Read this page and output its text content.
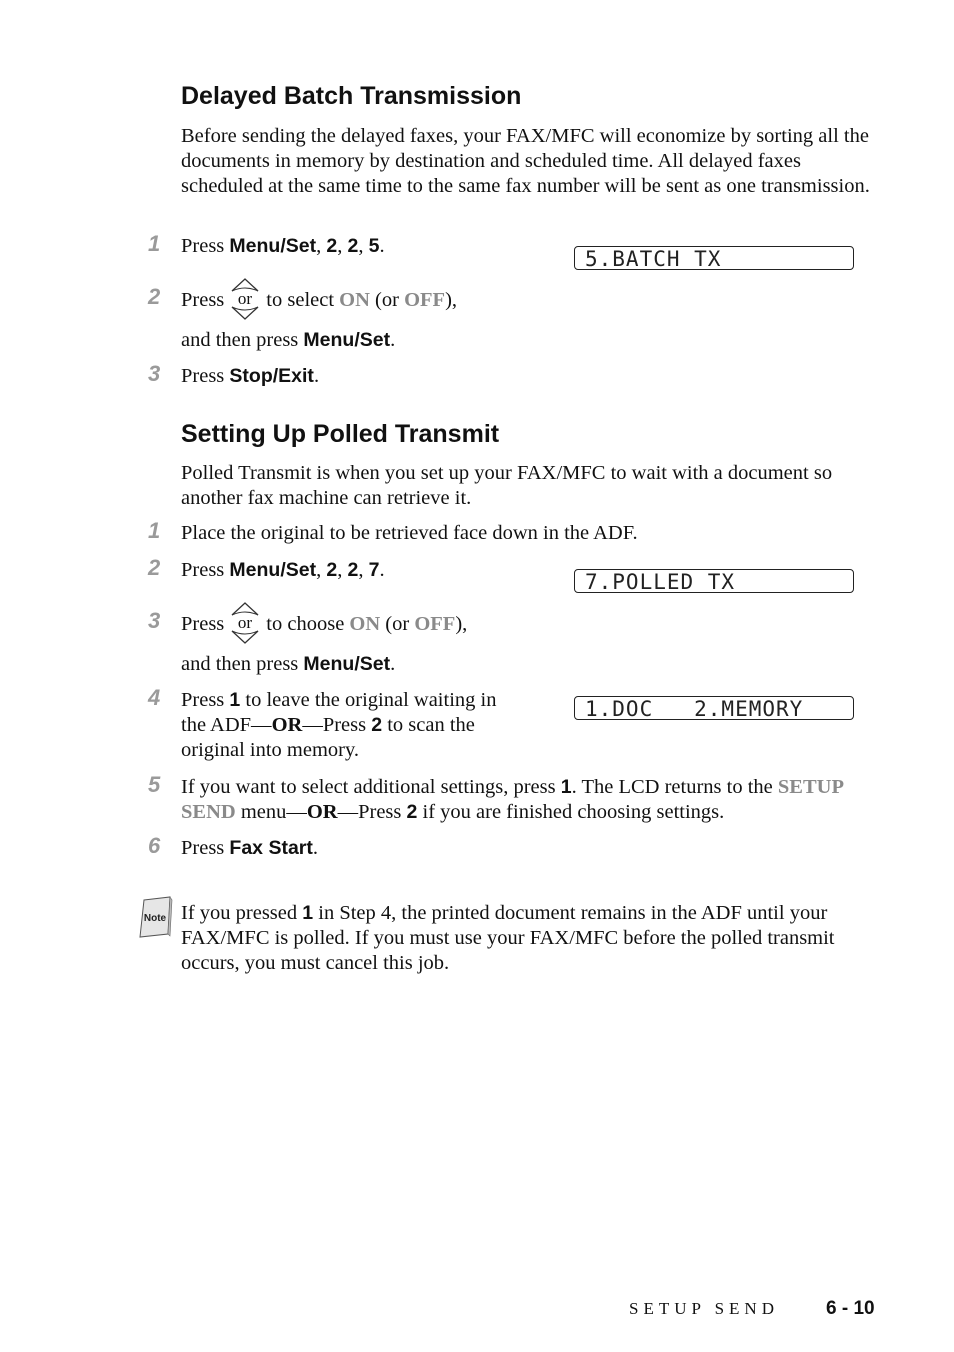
Delayed Batch Transmission

Before sending the delayed faxes, your FAX/MFC will economize by sorting all the documents in memory by destination and scheduled time. All delayed faxes scheduled at the same time to the same fax number will be sent as one transmission.

1 Press Menu/Set, 2, 2, 5.
5.BATCH TX
2 Press or to select ON (or OFF),
and then press Menu/Set.
3 Press Stop/Exit.
Setting Up Polled Transmit

Polled Transmit is when you set up your FAX/MFC to wait with a document so another fax machine can retrieve it.

1 Place the original to be retrieved face down in the ADF.
2 Press Menu/Set, 2, 2, 7.	7.POLLED TX
3 Press or to choose ON (or OFF),
and then press Menu/Set.
4 Press 1 to leave the original waiting in
the ADF—OR—Press 2 to scan the
original into memory.
1.DOC   2.MEMORY
5 If you want to select additional settings, press 1. The LCD returns to the SETUP
SEND menu—OR—Press 2 if you are finished choosing settings.
6 Press Fax Start.
Note If you pressed 1 in Step 4, the printed document remains in the ADF until your
FAX/MFC is polled. If you must use your FAX/MFC before the polled transmit
occurs, you must cancel this job.
SETUP SEND 6 - 10
